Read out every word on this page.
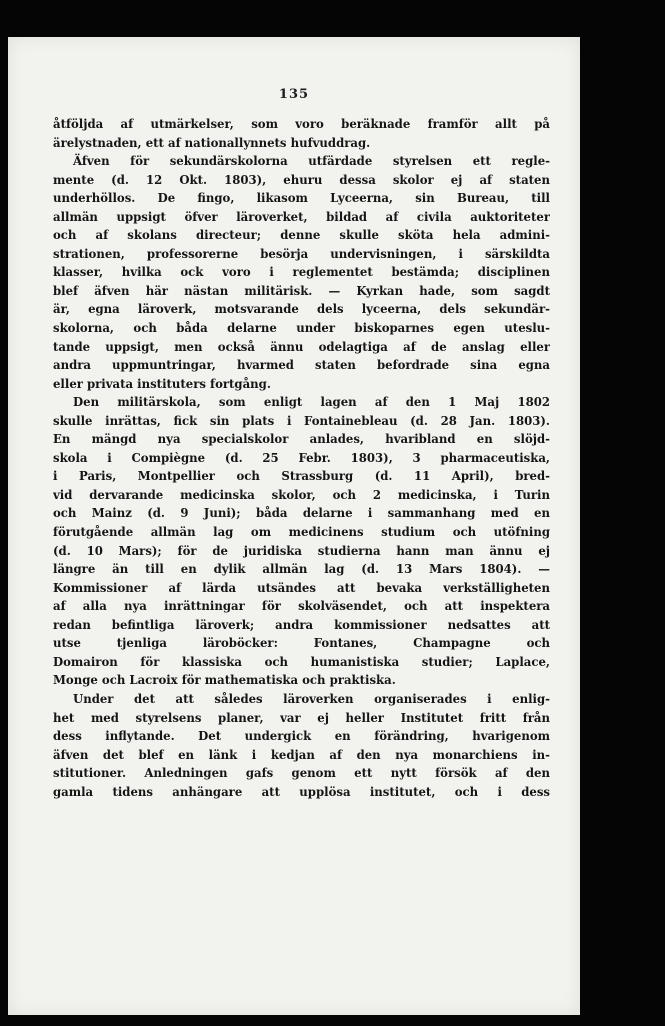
135
åtföljda af utmärkelser, som voro beräknade framför allt på
ärelystnaden, ett af nationallynnets hufvuddrag.
Äfven för sekundärskolorna utfärdade styrelsen ett regle-
mente (d. 12 Okt. 1803), ehuru dessa skolor ej af staten
underhöllos. De fingo, likasom Lyceerna, sin Bureau, till
allmän uppsigt öfver läroverket, bildad af civila auktoriteter
och af skolans directeur; denne skulle sköta hela admini-
strationen, professorerne besörja undervisningen, i särskildta
klasser, hvilka ock voro i reglementet bestämda; disciplinen
blef äfven här nästan militärisk. — Kyrkan hade, som sagdt
är, egna läroverk, motsvarande dels lyceerna, dels sekundär-
skolorna, och båda delarne under biskoparnes egen uteslu-
tande uppsigt, men också ännu odelagtiga af de anslag eller
andra uppmuntringar, hvarmed staten befordrade sina egna
eller privata instituters fortgång.
Den militärskola, som enligt lagen af den 1 Maj 1802
skulle inrättas, fick sin plats i Fontainebleau (d. 28 Jan. 1803).
En mängd nya specialskolor anlades, hvaribland en slöjd-
skola i Compiègne (d. 25 Febr. 1803), 3 pharmaceutiska,
i Paris, Montpellier och Strassburg (d. 11 April), bred-
vid dervarande medicinska skolor, och 2 medicinska, i Turin
och Mainz (d. 9 Juni); båda delarne i sammanhang med en
förutgående allmän lag om medicinens studium och utöfning
(d. 10 Mars); för de juridiska studierna hann man ännu ej
längre än till en dylik allmän lag (d. 13 Mars 1804). —
Kommissioner af lärda utsändes att bevaka verkställigheten
af alla nya inrättningar för skolväsendet, och att inspektera
redan befintliga läroverk; andra kommissioner nedsattes att
utse tjenliga läroböcker: Fontanes, Champagne och
Domairon för klassiska och humanistiska studier; Laplace,
Monge och Lacroix för mathematiska och praktiska.
Under det att således läroverken organiserades i enlig-
het med styrelsens planer, var ej heller Institutet fritt från
dess inflytande. Det undergick en förändring, hvarigenom
äfven det blef en länk i kedjan af den nya monarchiens in-
stitutioner. Anledningen gafs genom ett nytt försök af den
gamla tidens anhängare att upplösa institutet, och i dess
